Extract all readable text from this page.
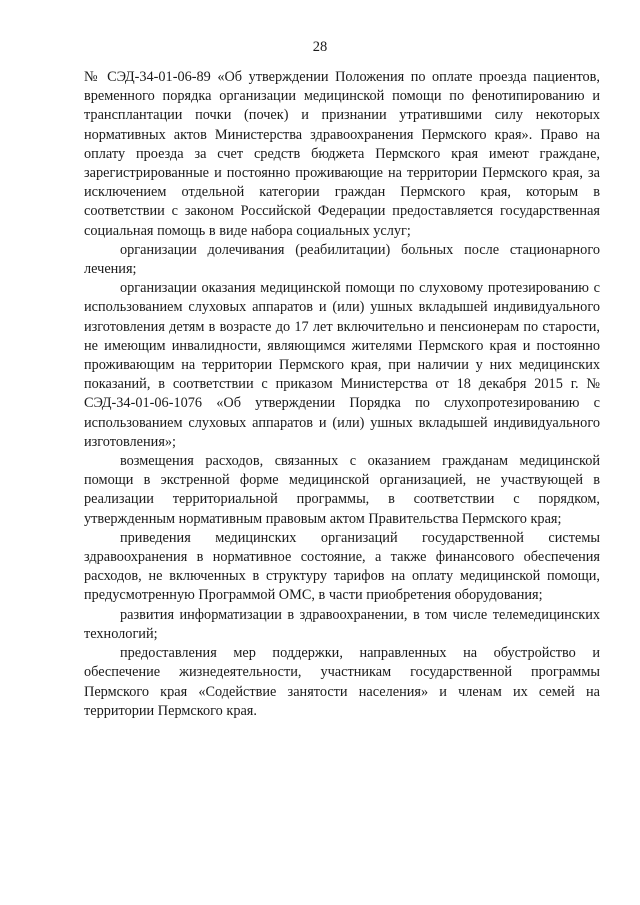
28

№ СЭД-34-01-06-89 «Об утверждении Положения по оплате проезда пациентов, временного порядка организации медицинской помощи по фенотипированию и трансплантации почки (почек) и признании утратившими силу некоторых нормативных актов Министерства здравоохранения Пермского края». Право на оплату проезда за счет средств бюджета Пермского края имеют граждане, зарегистрированные и постоянно проживающие на территории Пермского края, за исключением отдельной категории граждан Пермского края, которым в соответствии с законом Российской Федерации предоставляется государственная социальная помощь в виде набора социальных услуг;

организации долечивания (реабилитации) больных после стационарного лечения;

организации оказания медицинской помощи по слуховому протезированию с использованием слуховых аппаратов и (или) ушных вкладышей индивидуального изготовления детям в возрасте до 17 лет включительно и пенсионерам по старости, не имеющим инвалидности, являющимся жителями Пермского края и постоянно проживающим на территории Пермского края, при наличии у них медицинских показаний, в соответствии с приказом Министерства от 18 декабря 2015 г. № СЭД-34-01-06-1076 «Об утверждении Порядка по слухопротезированию с использованием слуховых аппаратов и (или) ушных вкладышей индивидуального изготовления»;

возмещения расходов, связанных с оказанием гражданам медицинской помощи в экстренной форме медицинской организацией, не участвующей в реализации территориальной программы, в соответствии с порядком, утвержденным нормативным правовым актом Правительства Пермского края;

приведения медицинских организаций государственной системы здравоохранения в нормативное состояние, а также финансового обеспечения расходов, не включенных в структуру тарифов на оплату медицинской помощи, предусмотренную Программой ОМС, в части приобретения оборудования;

развития информатизации в здравоохранении, в том числе телемедицинских технологий;

предоставления мер поддержки, направленных на обустройство и обеспечение жизнедеятельности, участникам государственной программы Пермского края «Содействие занятости населения» и членам их семей на территории Пермского края.
